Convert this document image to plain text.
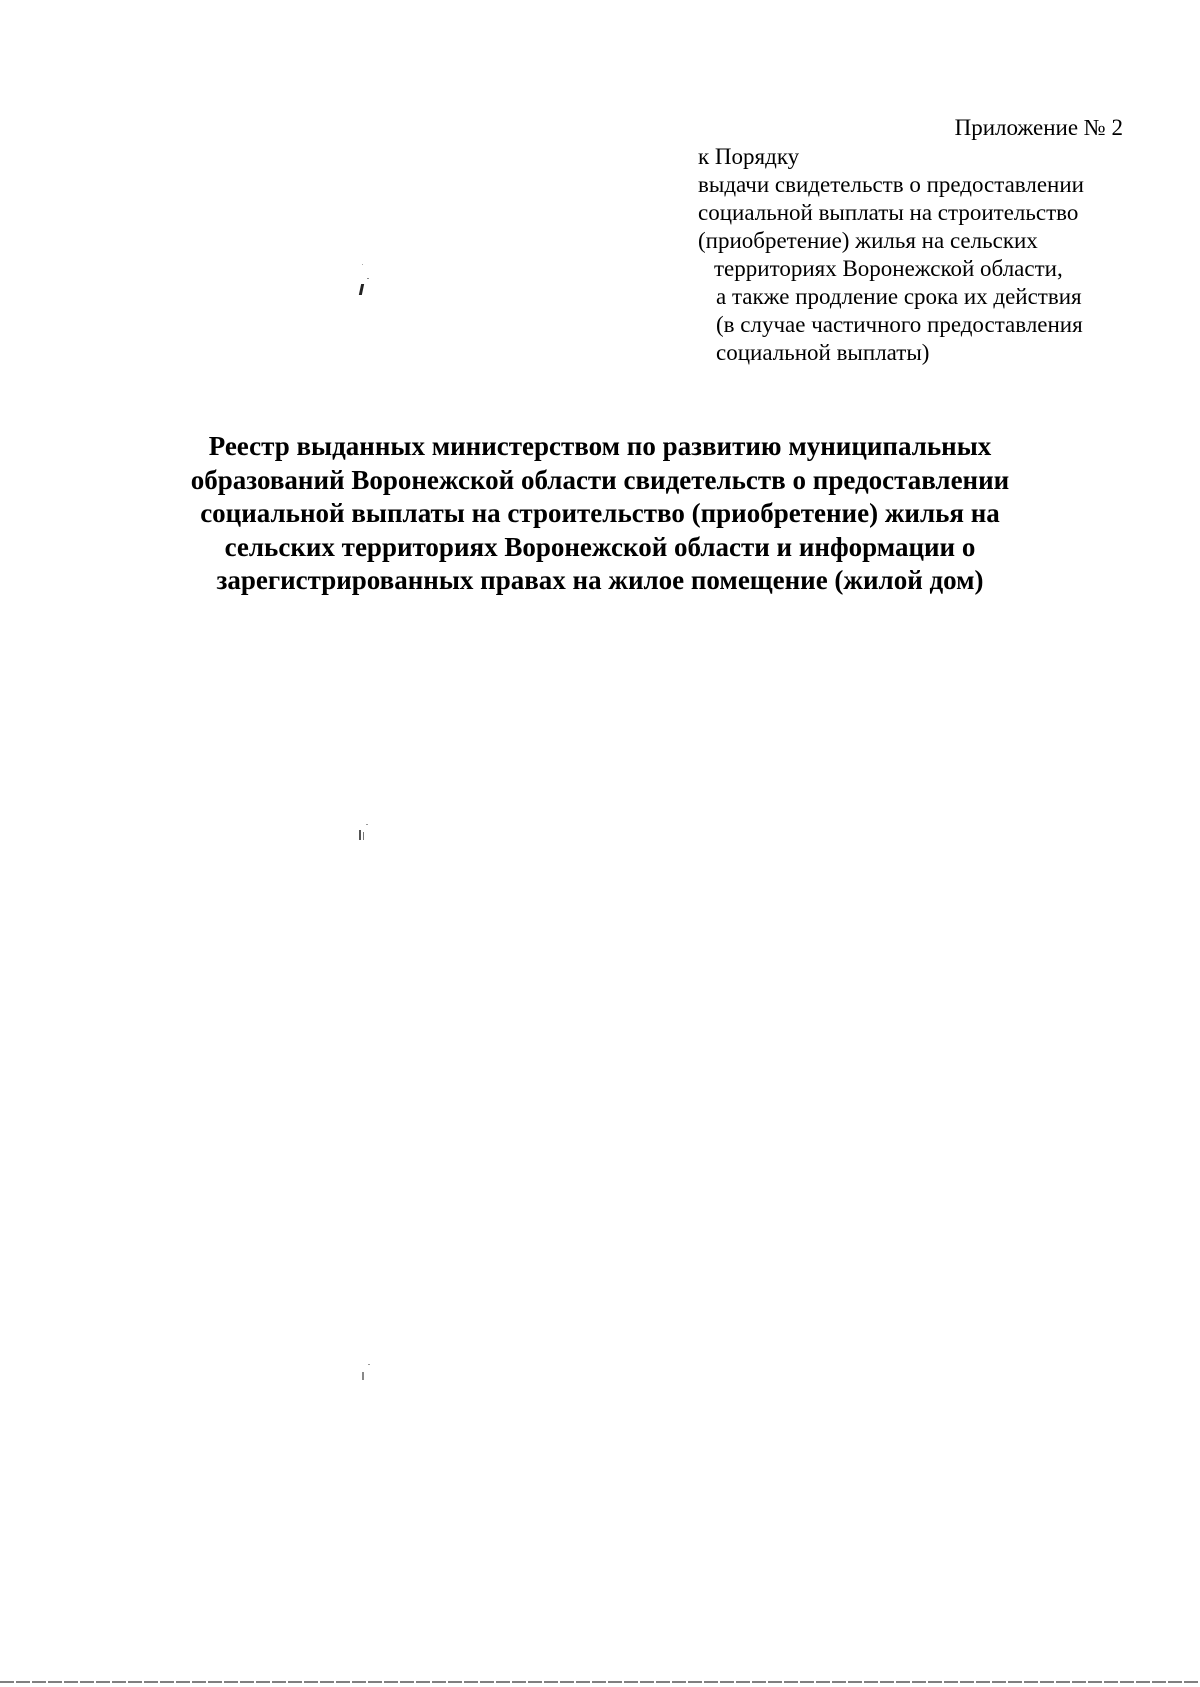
Приложение № 2
к Порядку
выдачи свидетельств о предоставлении
социальной выплаты на строительство
(приобретение) жилья на сельских
территориях Воронежской области,
а также продление срока их действия
(в случае частичного предоставления
социальной выплаты)
Реестр выданных министерством по развитию муниципальных
образований Воронежской области свидетельств о предоставлении
социальной выплаты на строительство (приобретение) жилья на
сельских территориях Воронежской области и информации о
зарегистрированных правах на жилое помещение (жилой дом)
